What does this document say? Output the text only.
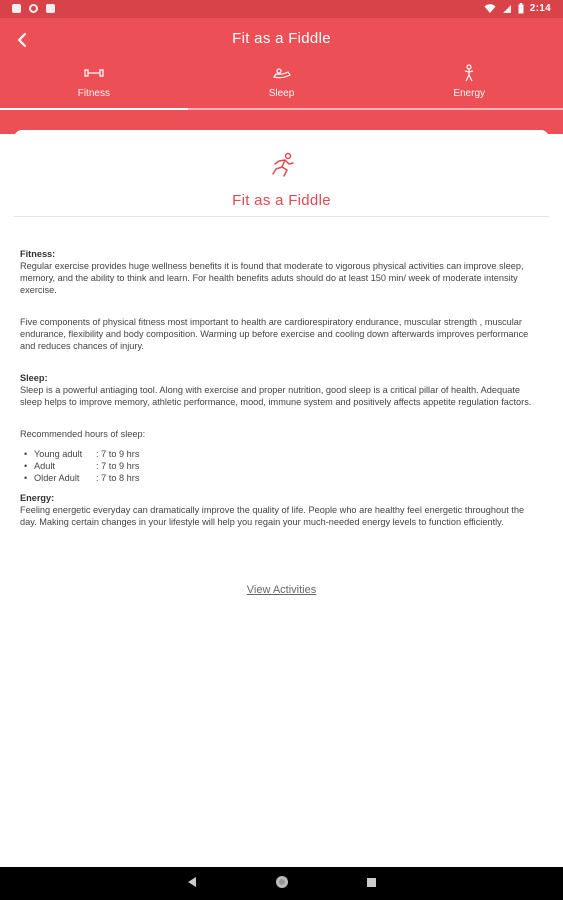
2:14
Fit as a Fiddle
Fitness	Sleep	Energy
Fit as a Fiddle
Fitness:

Regular exercise provides huge wellness benefits it is found that moderate to vigorous physical activities can improve sleep, memory, and the ability to think and learn. For health benefits aduts should do at least 150 min/ week of moderate intensity exercise.

Five components of physical fitness most important to health are cardiorespiratory endurance, muscular strength , muscular endurance, flexibility and body composition. Warming up before exercise and cooling down afterwards improves performance and reduces chances of injury.

Sleep:

Sleep is a powerful antiaging tool. Along with exercise and proper nutrition, good sleep is a critical pillar of health. Adequate sleep helps to improve memory, athletic performance, mood, immune system and positively affects appetite regulation factors.

Recommended hours of sleep:

• Young adult	: 7 to 9 hrs
• Adult	: 7 to 9 hrs
• Older Adult	: 7 to 8 hrs
Energy:

Feeling energetic everyday can dramatically improve the quality of life. People who are healthy feel energetic throughout the day. Making certain changes in your lifestyle will help you regain your much-needed energy levels to function efficiently.

View Activities
